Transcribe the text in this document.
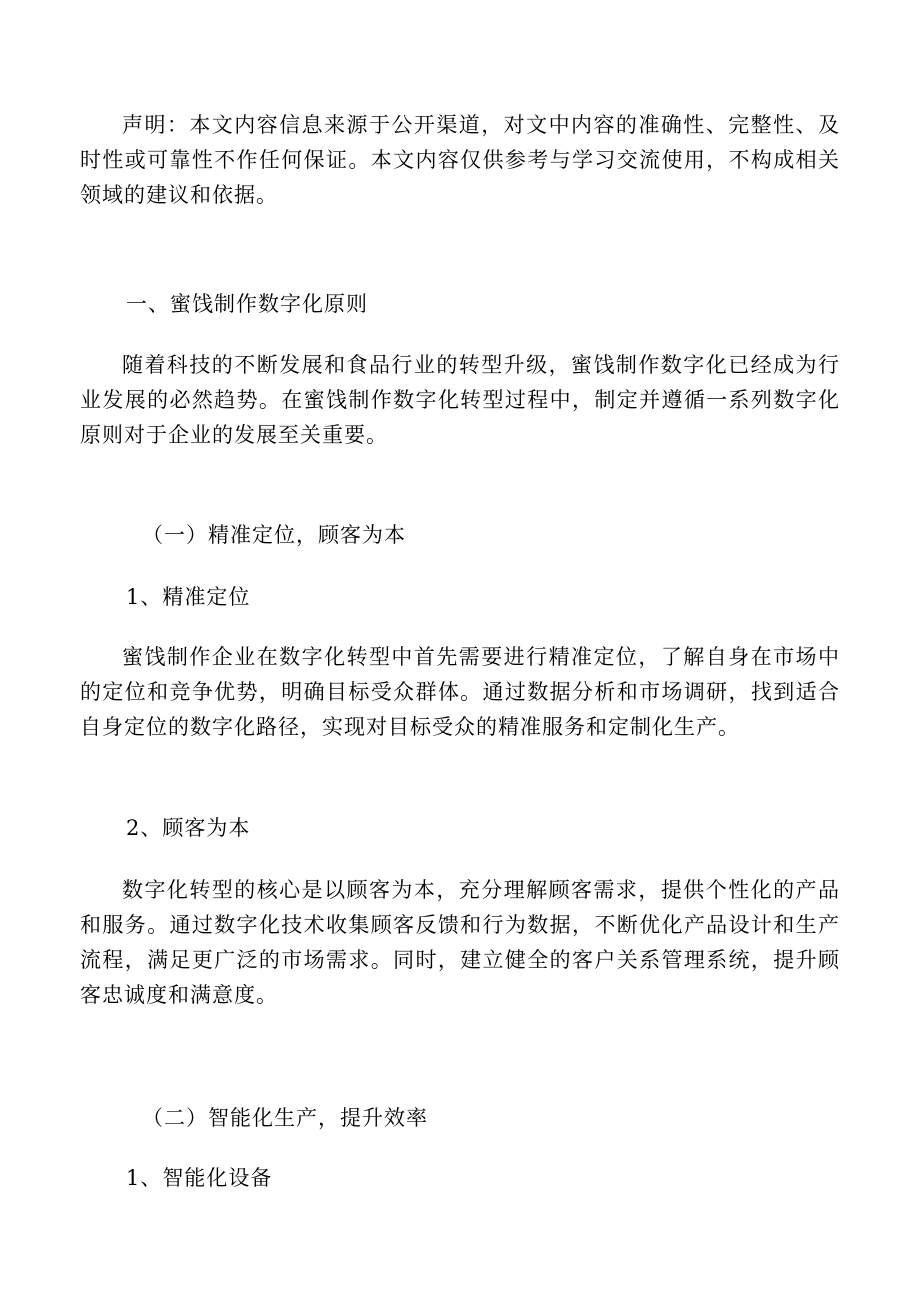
声明：本文内容信息来源于公开渠道，对文中内容的准确性、完整性、及时性或可靠性不作任何保证。本文内容仅供参考与学习交流使用，不构成相关领域的建议和依据。

一、蜜饯制作数字化原则

随着科技的不断发展和食品行业的转型升级，蜜饯制作数字化已经成为行业发展的必然趋势。在蜜饯制作数字化转型过程中，制定并遵循一系列数字化原则对于企业的发展至关重要。

（一）精准定位，顾客为本
1、精准定位

蜜饯制作企业在数字化转型中首先需要进行精准定位，了解自身在市场中的定位和竞争优势，明确目标受众群体。通过数据分析和市场调研，找到适合自身定位的数字化路径，实现对目标受众的精准服务和定制化生产。

2、顾客为本

数字化转型的核心是以顾客为本，充分理解顾客需求，提供个性化的产品和服务。通过数字化技术收集顾客反馈和行为数据，不断优化产品设计和生产流程，满足更广泛的市场需求。同时，建立健全的客户关系管理系统，提升顾客忠诚度和满意度。

（二）智能化生产，提升效率
1、智能化设备
